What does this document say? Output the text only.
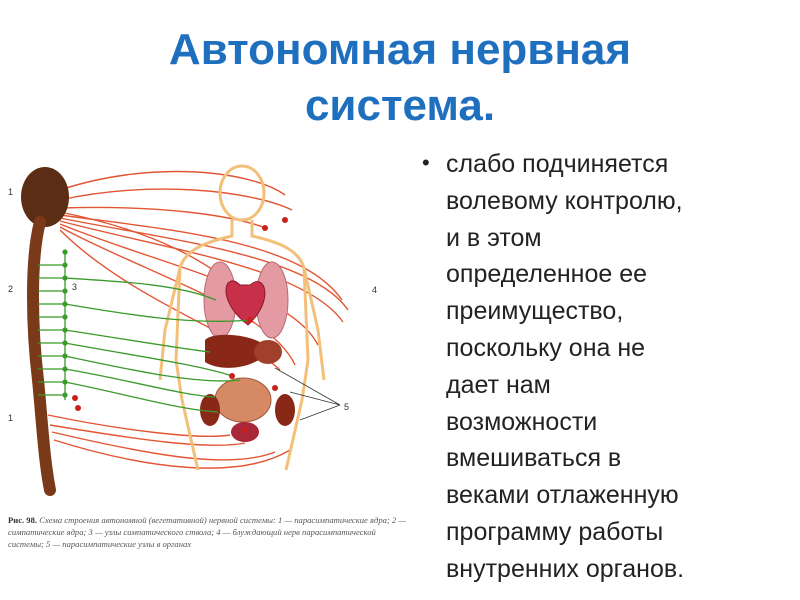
Автономная нервная
система.
1
2	3	4
5
1
Рис. 98. Схема строения автономной (вегетативной) нервной системы: 1 — парасимпатические ядра; 2 — симпатические ядра; 3 — узлы симпатического ствола; 4 — блуждающий нерв парасимпатической системы; 5 — парасимпатические узлы в органах
• слабо подчиняется
волевому контролю,
и в этом
определенное ее
преимущество,
поскольку она не
дает нам
возможности
вмешиваться в
веками отлаженную
программу работы
внутренних органов.
